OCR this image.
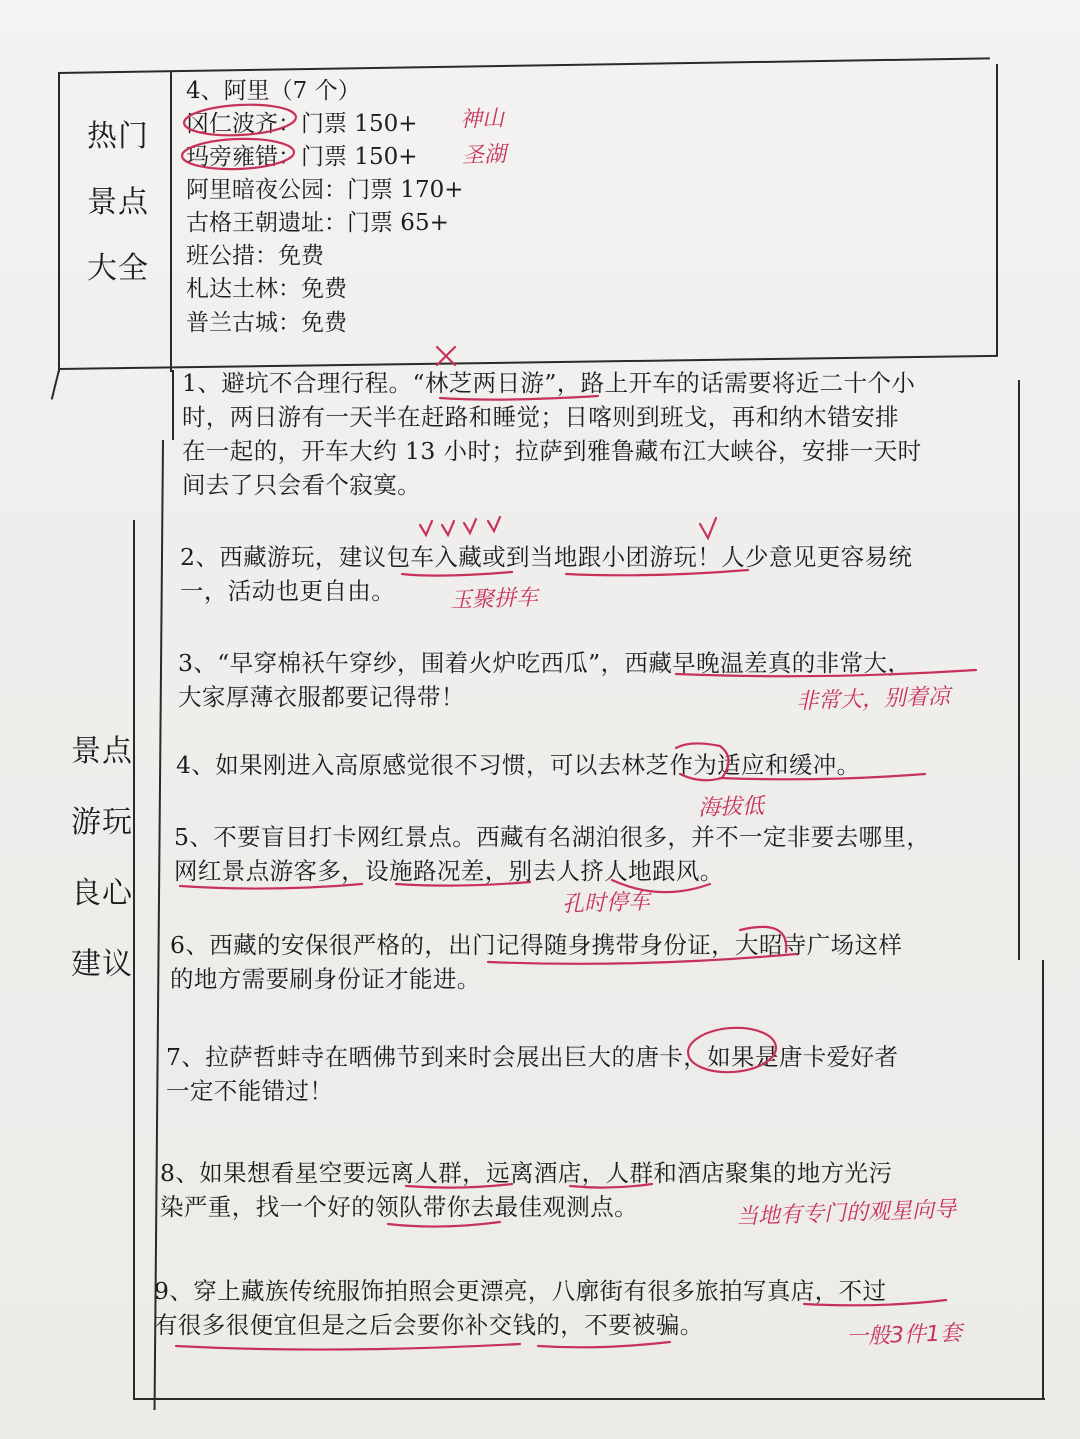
热门
景点
大全
景点
游玩
良心
建议
4、阿里（7 个）
冈仁波齐：门票 150+
玛旁雍错：门票 150+
阿里暗夜公园：门票 170+
古格王朝遗址：门票 65+
班公措：免费
札达土林：免费
普兰古城：免费

1、避坑不合理行程。“林芝两日游”，路上开车的话需要将近二十个小

时，两日游有一天半在赶路和睡觉；日喀则到班戈，再和纳木错安排

在一起的，开车大约 13 小时；拉萨到雅鲁藏布江大峡谷，安排一天时

间去了只会看个寂寞。

2、西藏游玩，建议包车入藏或到当地跟小团游玩！人少意见更容易统

一，活动也更自由。

3、“早穿棉袄午穿纱，围着火炉吃西瓜”，西藏早晚温差真的非常大，

大家厚薄衣服都要记得带！

4、如果刚进入高原感觉很不习惯，可以去林芝作为适应和缓冲。

5、不要盲目打卡网红景点。西藏有名湖泊很多，并不一定非要去哪里，

网红景点游客多，设施路况差，别去人挤人地跟风。

6、西藏的安保很严格的，出门记得随身携带身份证，大昭寺广场这样

的地方需要刷身份证才能进。

7、拉萨哲蚌寺在晒佛节到来时会展出巨大的唐卡，如果是唐卡爱好者

一定不能错过！

8、如果想看星空要远离人群，远离酒店，人群和酒店聚集的地方光污

染严重，找一个好的领队带你去最佳观测点。

9、穿上藏族传统服饰拍照会更漂亮，八廓街有很多旅拍写真店，不过

有很多很便宜但是之后会要你补交钱的，不要被骗。

神山
圣湖
玉聚拼车
非常大，别着凉
海拔低
孔时停车
当地有专门的观星向导
一般3件1套
